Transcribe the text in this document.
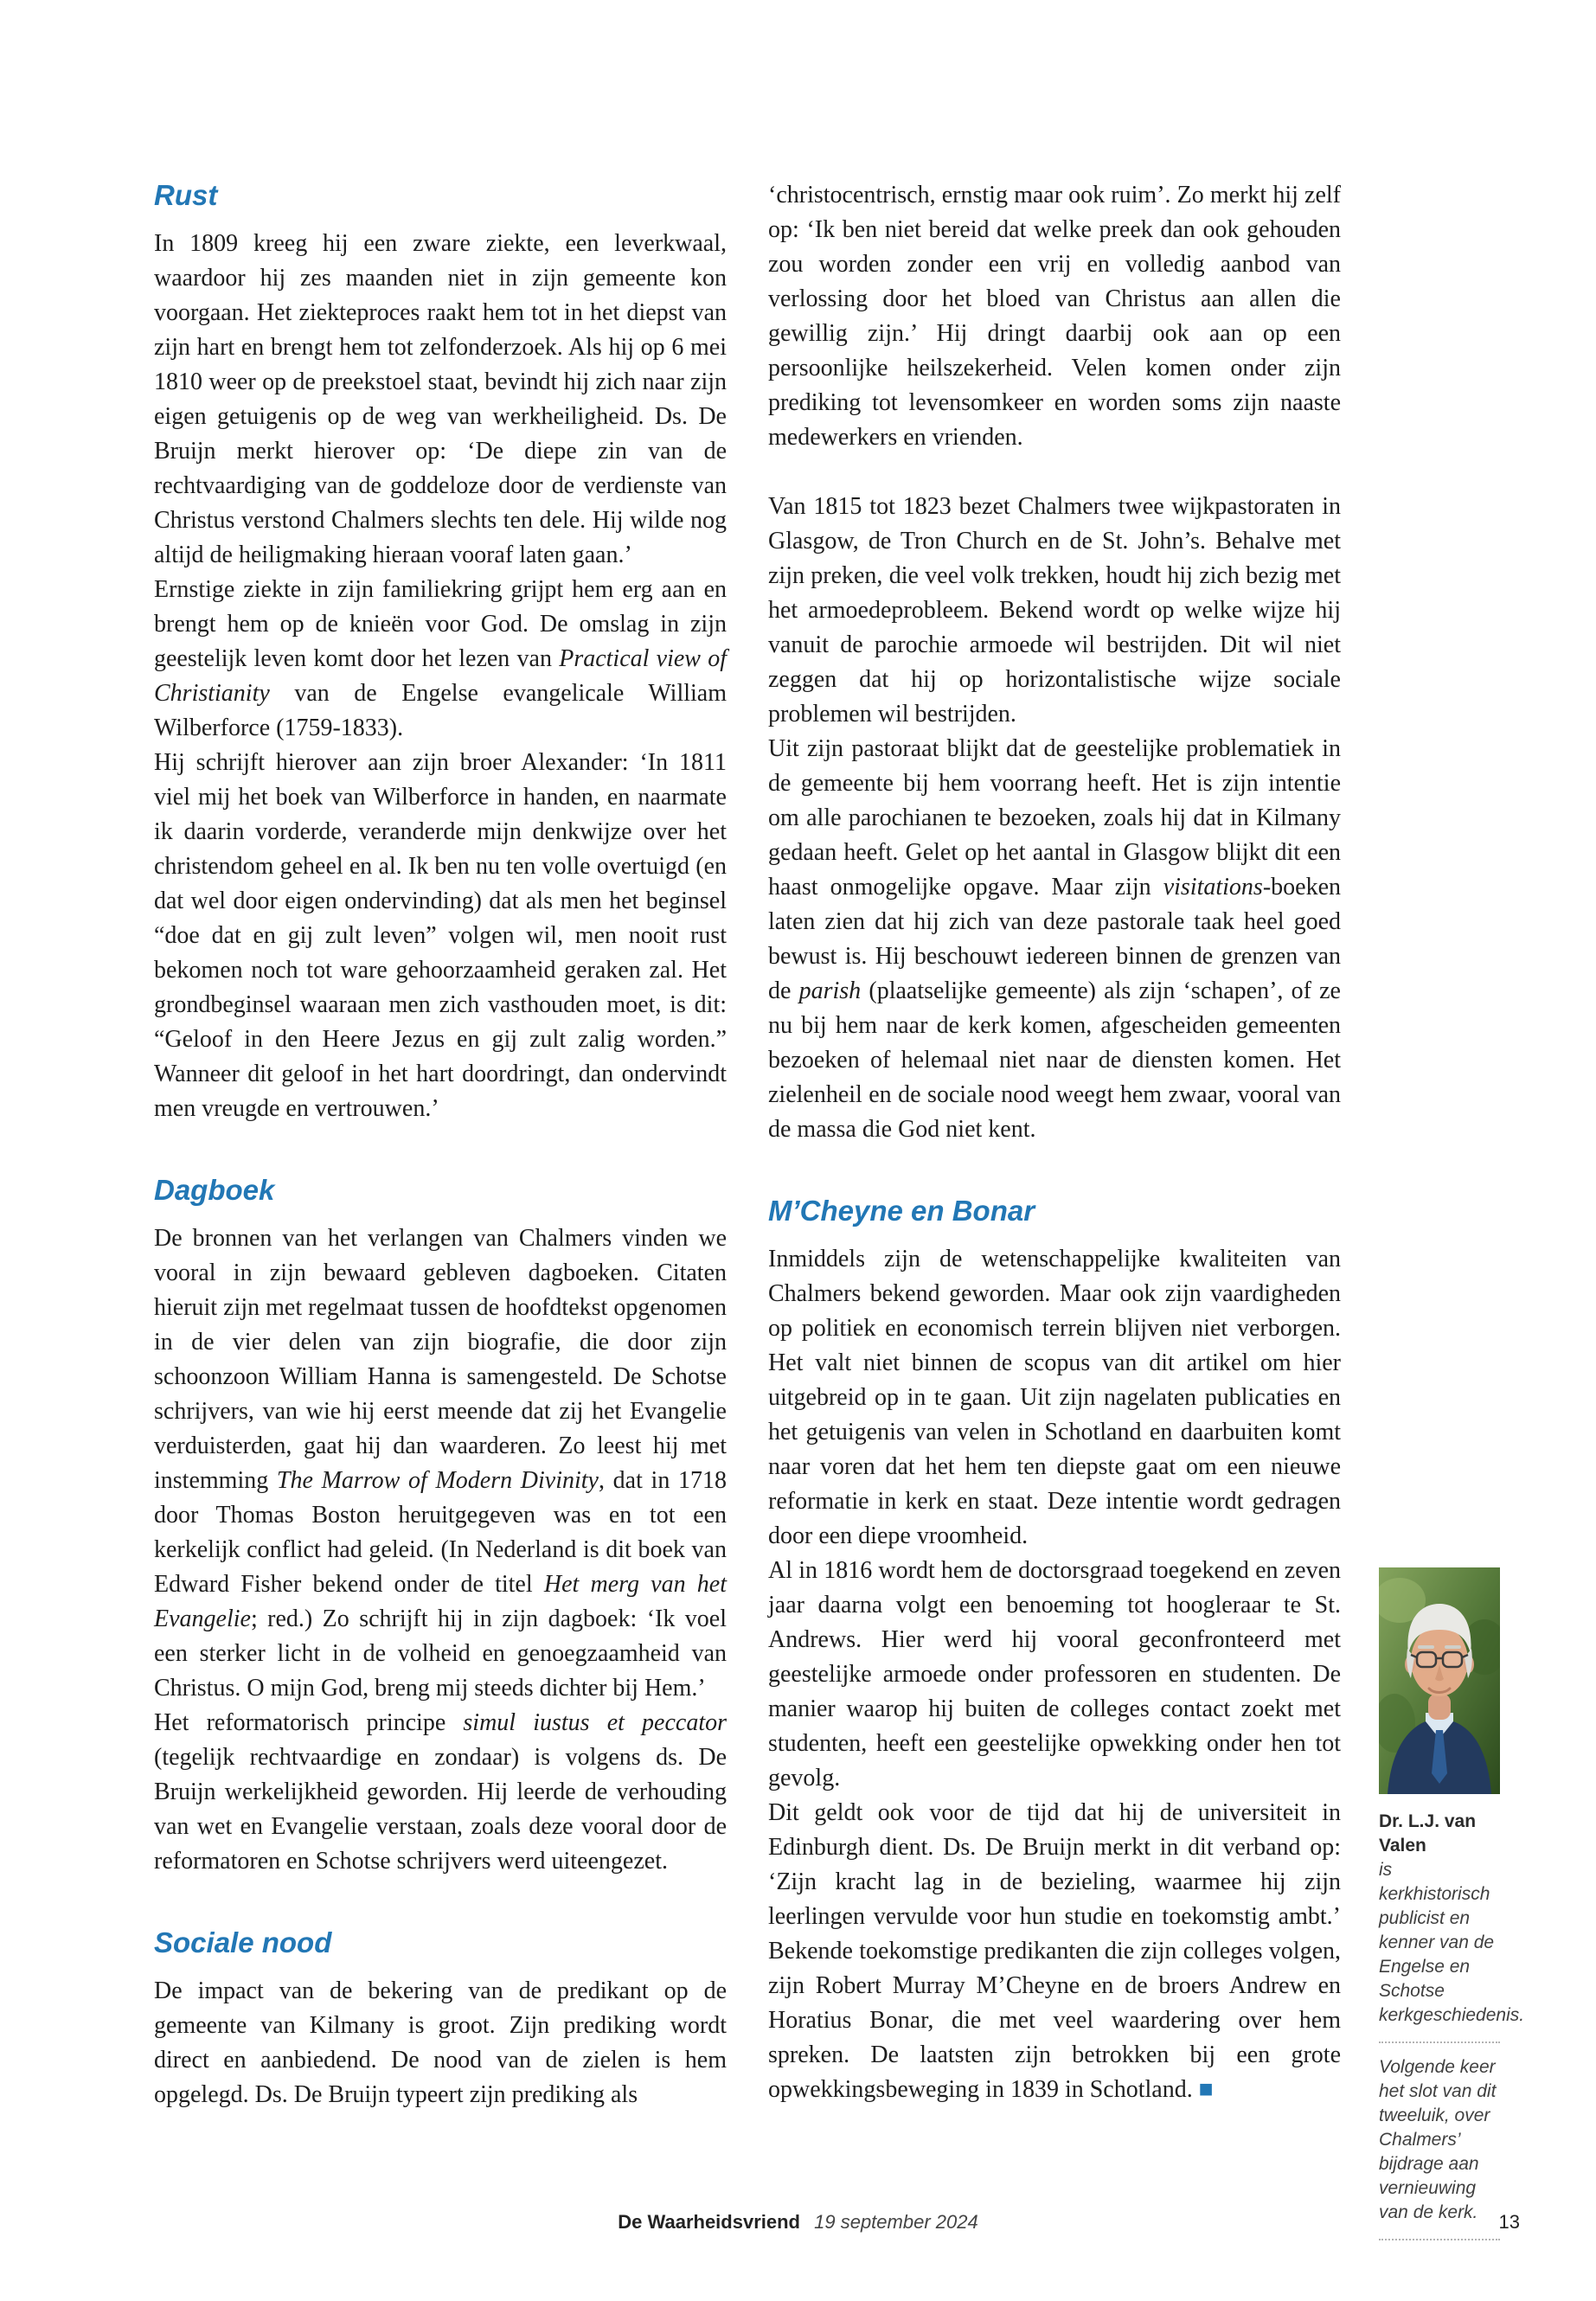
Rust

In 1809 kreeg hij een zware ziekte, een leverkwaal, waardoor hij zes maanden niet in zijn gemeente kon voorgaan. Het ziekteproces raakt hem tot in het diepst van zijn hart en brengt hem tot zelfonderzoek. Als hij op 6 mei 1810 weer op de preekstoel staat, bevindt hij zich naar zijn eigen getuigenis op de weg van werkheiligheid. Ds. De Bruijn merkt hierover op: ‘De diepe zin van de rechtvaardiging van de goddeloze door de verdienste van Christus verstond Chalmers slechts ten dele. Hij wilde nog altijd de heiligmaking hieraan vooraf laten gaan.’

Ernstige ziekte in zijn familiekring grijpt hem erg aan en brengt hem op de knieën voor God. De omslag in zijn geestelijk leven komt door het lezen van Practical view of Christianity van de Engelse evangelicale William Wilberforce (1759-1833).

Hij schrijft hierover aan zijn broer Alexander: ‘In 1811 viel mij het boek van Wilberforce in handen, en naarmate ik daarin vorderde, veranderde mijn denkwijze over het christendom geheel en al. Ik ben nu ten volle overtuigd (en dat wel door eigen ondervinding) dat als men het beginsel “doe dat en gij zult leven” volgen wil, men nooit rust bekomen noch tot ware gehoorzaamheid geraken zal. Het grondbeginsel waaraan men zich vasthouden moet, is dit: “Geloof in den Heere Jezus en gij zult zalig worden.” Wanneer dit geloof in het hart doordringt, dan ondervindt men vreugde en vertrouwen.’

Dagboek

De bronnen van het verlangen van Chalmers vinden we vooral in zijn bewaard gebleven dagboeken. Citaten hieruit zijn met regelmaat tussen de hoofdtekst opgenomen in de vier delen van zijn biografie, die door zijn schoonzoon William Hanna is samengesteld. De Schotse schrijvers, van wie hij eerst meende dat zij het Evangelie verduisterden, gaat hij dan waarderen. Zo leest hij met instemming The Marrow of Modern Divinity, dat in 1718 door Thomas Boston heruitgegeven was en tot een kerkelijk conflict had geleid. (In Nederland is dit boek van Edward Fisher bekend onder de titel Het merg van het Evangelie; red.) Zo schrijft hij in zijn dagboek: ‘Ik voel een sterker licht in de volheid en genoegzaamheid van Christus. O mijn God, breng mij steeds dichter bij Hem.’

Het reformatorisch principe simul iustus et peccator (tegelijk rechtvaardige en zondaar) is volgens ds. De Bruijn werkelijkheid geworden. Hij leerde de verhouding van wet en Evangelie verstaan, zoals deze vooral door de reformatoren en Schotse schrijvers werd uiteengezet.

Sociale nood

De impact van de bekering van de predikant op de gemeente van Kilmany is groot. Zijn prediking wordt direct en aanbiedend. De nood van de zielen is hem opgelegd. Ds. De Bruijn typeert zijn prediking als

‘christocentrisch, ernstig maar ook ruim’. Zo merkt hij zelf op: ‘Ik ben niet bereid dat welke preek dan ook gehouden zou worden zonder een vrij en volledig aanbod van verlossing door het bloed van Christus aan allen die gewillig zijn.’ Hij dringt daarbij ook aan op een persoonlijke heilszekerheid. Velen komen onder zijn prediking tot levensomkeer en worden soms zijn naaste medewerkers en vrienden.

Van 1815 tot 1823 bezet Chalmers twee wijkpastoraten in Glasgow, de Tron Church en de St. John’s. Behalve met zijn preken, die veel volk trekken, houdt hij zich bezig met het armoedeprobleem. Bekend wordt op welke wijze hij vanuit de parochie armoede wil bestrijden. Dit wil niet zeggen dat hij op horizontalistische wijze sociale problemen wil bestrijden.

Uit zijn pastoraat blijkt dat de geestelijke problematiek in de gemeente bij hem voorrang heeft. Het is zijn intentie om alle parochianen te bezoeken, zoals hij dat in Kilmany gedaan heeft. Gelet op het aantal in Glasgow blijkt dit een haast onmogelijke opgave. Maar zijn visitations-boeken laten zien dat hij zich van deze pastorale taak heel goed bewust is. Hij beschouwt iedereen binnen de grenzen van de parish (plaatselijke gemeente) als zijn ‘schapen’, of ze nu bij hem naar de kerk komen, afgescheiden gemeenten bezoeken of helemaal niet naar de diensten komen. Het zielenheil en de sociale nood weegt hem zwaar, vooral van de massa die God niet kent.

M’Cheyne en Bonar

Inmiddels zijn de wetenschappelijke kwaliteiten van Chalmers bekend geworden. Maar ook zijn vaardigheden op politiek en economisch terrein blijven niet verborgen. Het valt niet binnen de scopus van dit artikel om hier uitgebreid op in te gaan. Uit zijn nagelaten publicaties en het getuigenis van velen in Schotland en daarbuiten komt naar voren dat het hem ten diepste gaat om een nieuwe reformatie in kerk en staat. Deze intentie wordt gedragen door een diepe vroomheid.

Al in 1816 wordt hem de doctorsgraad toegekend en zeven jaar daarna volgt een benoeming tot hoogleraar te St. Andrews. Hier werd hij vooral geconfronteerd met geestelijke armoede onder professoren en studenten. De manier waarop hij buiten de colleges contact zoekt met studenten, heeft een geestelijke opwekking onder hen tot gevolg.

Dit geldt ook voor de tijd dat hij de universiteit in Edinburgh dient. Ds. De Bruijn merkt in dit verband op: ‘Zijn kracht lag in de bezieling, waarmee hij zijn leerlingen vervulde voor hun studie en toekomstig ambt.’ Bekende toekomstige predikanten die zijn colleges volgen, zijn Robert Murray M’Cheyne en de broers Andrew en Horatius Bonar, die met veel waardering over hem spreken. De laatsten zijn betrokken bij een grote opwekkingsbeweging in 1839 in Schotland. ■

Dr. L.J. van Valen
is kerkhistorisch publicist en kenner van de Engelse en Schotse kerkgeschiedenis.
Volgende keer het slot van dit tweeluik, over Chalmers’ bijdrage aan vernieuwing van de kerk.
De Waarheidsvriend 19 september 2024	13
